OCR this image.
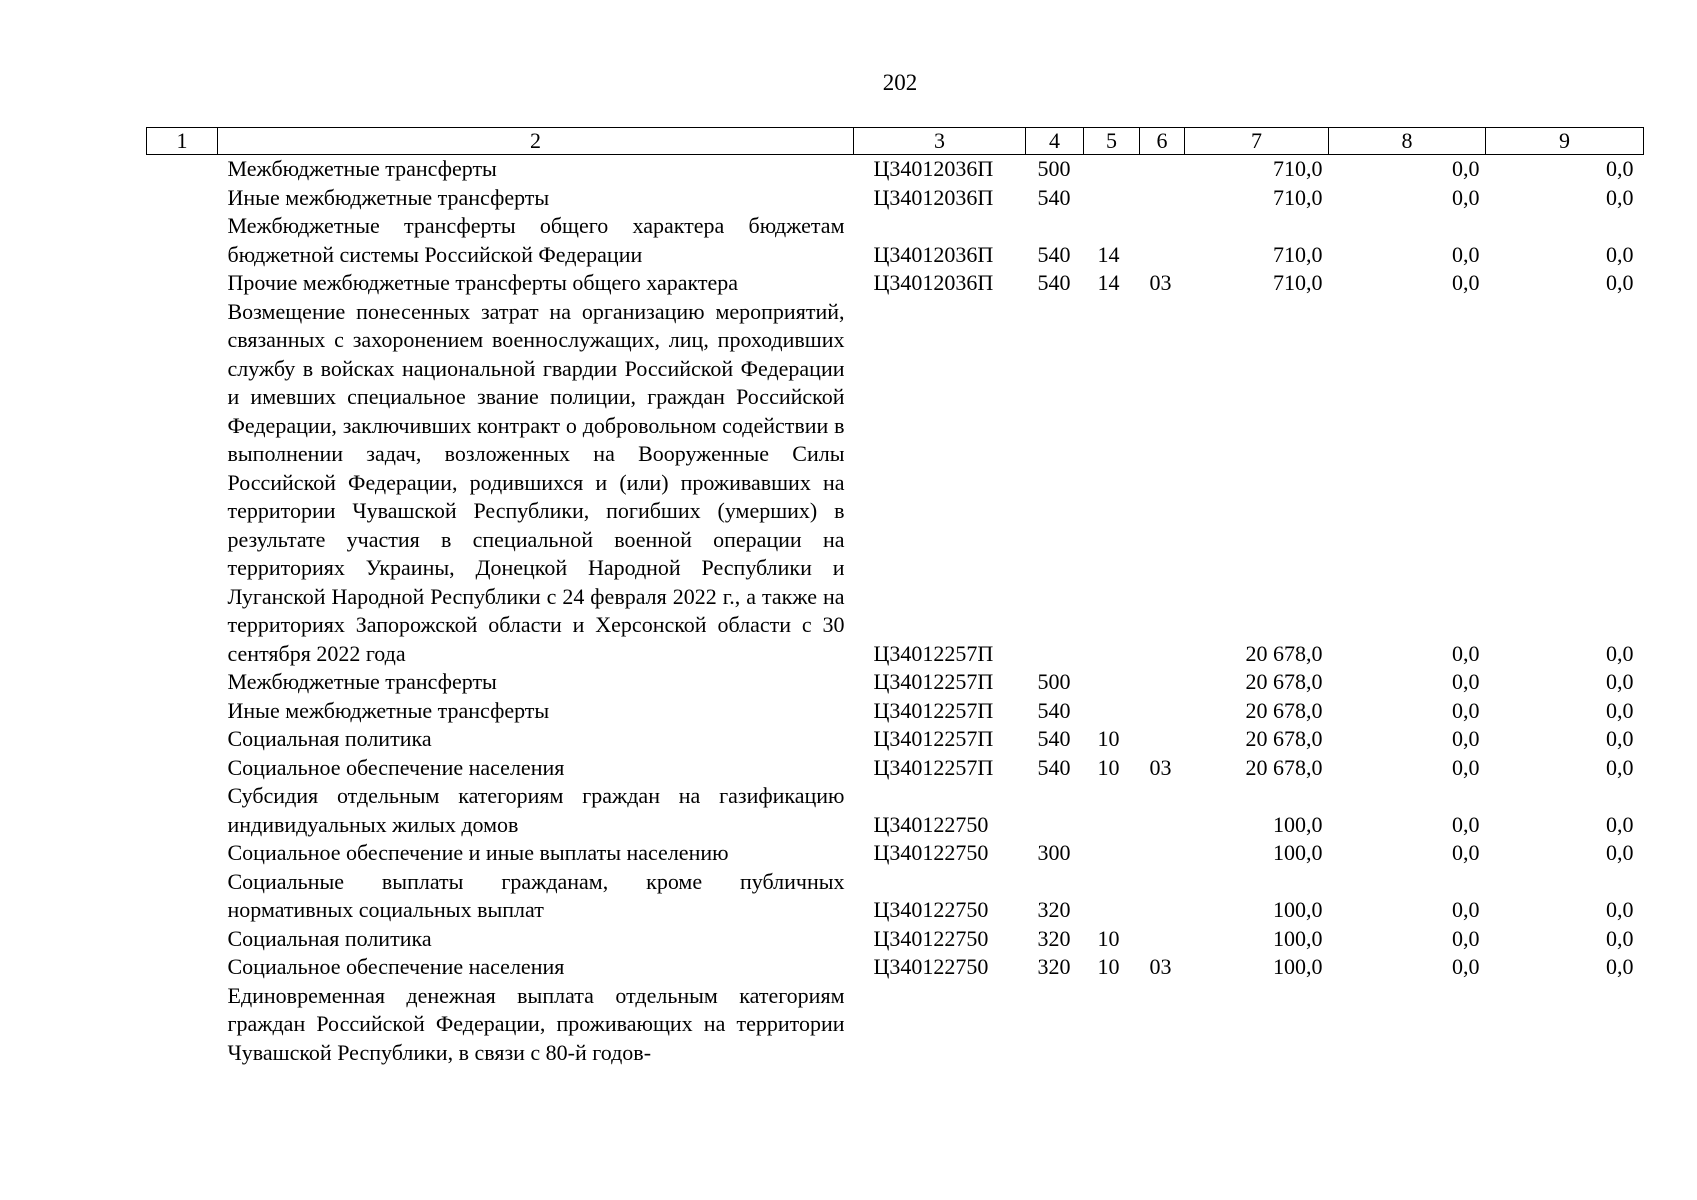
202
1	2	3	4	5	6	7	8	9
	Межбюджетные трансферты	Ц34012036П	500			710,0	0,0	0,0
	Иные межбюджетные трансферты	Ц34012036П	540			710,0	0,0	0,0
	Межбюджетные трансферты общего характера бюджетам бюджетной системы Российской Федерации	Ц34012036П	540	14		710,0	0,0	0,0
	Прочие межбюджетные трансферты общего характера	Ц34012036П	540	14	03	710,0	0,0	0,0
	Возмещение понесенных затрат на организацию мероприятий, связанных с захоронением военнослужащих, лиц, проходивших службу в войсках национальной гвардии Российской Федерации и имевших специальное звание полиции, граждан Российской Федерации, заключивших контракт о добровольном содействии в выполнении задач, возложенных на Вооруженные Силы Российской Федерации, родившихся и (или) проживавших на территории Чувашской Республики, погибших (умерших) в результате участия в специальной военной операции на территориях Украины, Донецкой Народной Республики и Луганской Народной Республики с 24 февраля 2022 г., а также на территориях Запорожской области и Херсонской области с 30 сентября 2022 года	Ц34012257П				20 678,0	0,0	0,0
	Межбюджетные трансферты	Ц34012257П	500			20 678,0	0,0	0,0
	Иные межбюджетные трансферты	Ц34012257П	540			20 678,0	0,0	0,0
	Социальная политика	Ц34012257П	540	10		20 678,0	0,0	0,0
	Социальное обеспечение населения	Ц34012257П	540	10	03	20 678,0	0,0	0,0
	Субсидия отдельным категориям граждан на газификацию индивидуальных жилых домов	Ц340122750				100,0	0,0	0,0
	Социальное обеспечение и иные выплаты населению	Ц340122750	300			100,0	0,0	0,0
	Социальные выплаты гражданам, кроме публичных нормативных социальных выплат	Ц340122750	320			100,0	0,0	0,0
	Социальная политика	Ц340122750	320	10		100,0	0,0	0,0
	Социальное обеспечение населения	Ц340122750	320	10	03	100,0	0,0	0,0
	Единовременная денежная выплата отдельным категориям граждан Российской Федерации, проживающих на территории Чувашской Республики, в связи с 80-й годов-							
